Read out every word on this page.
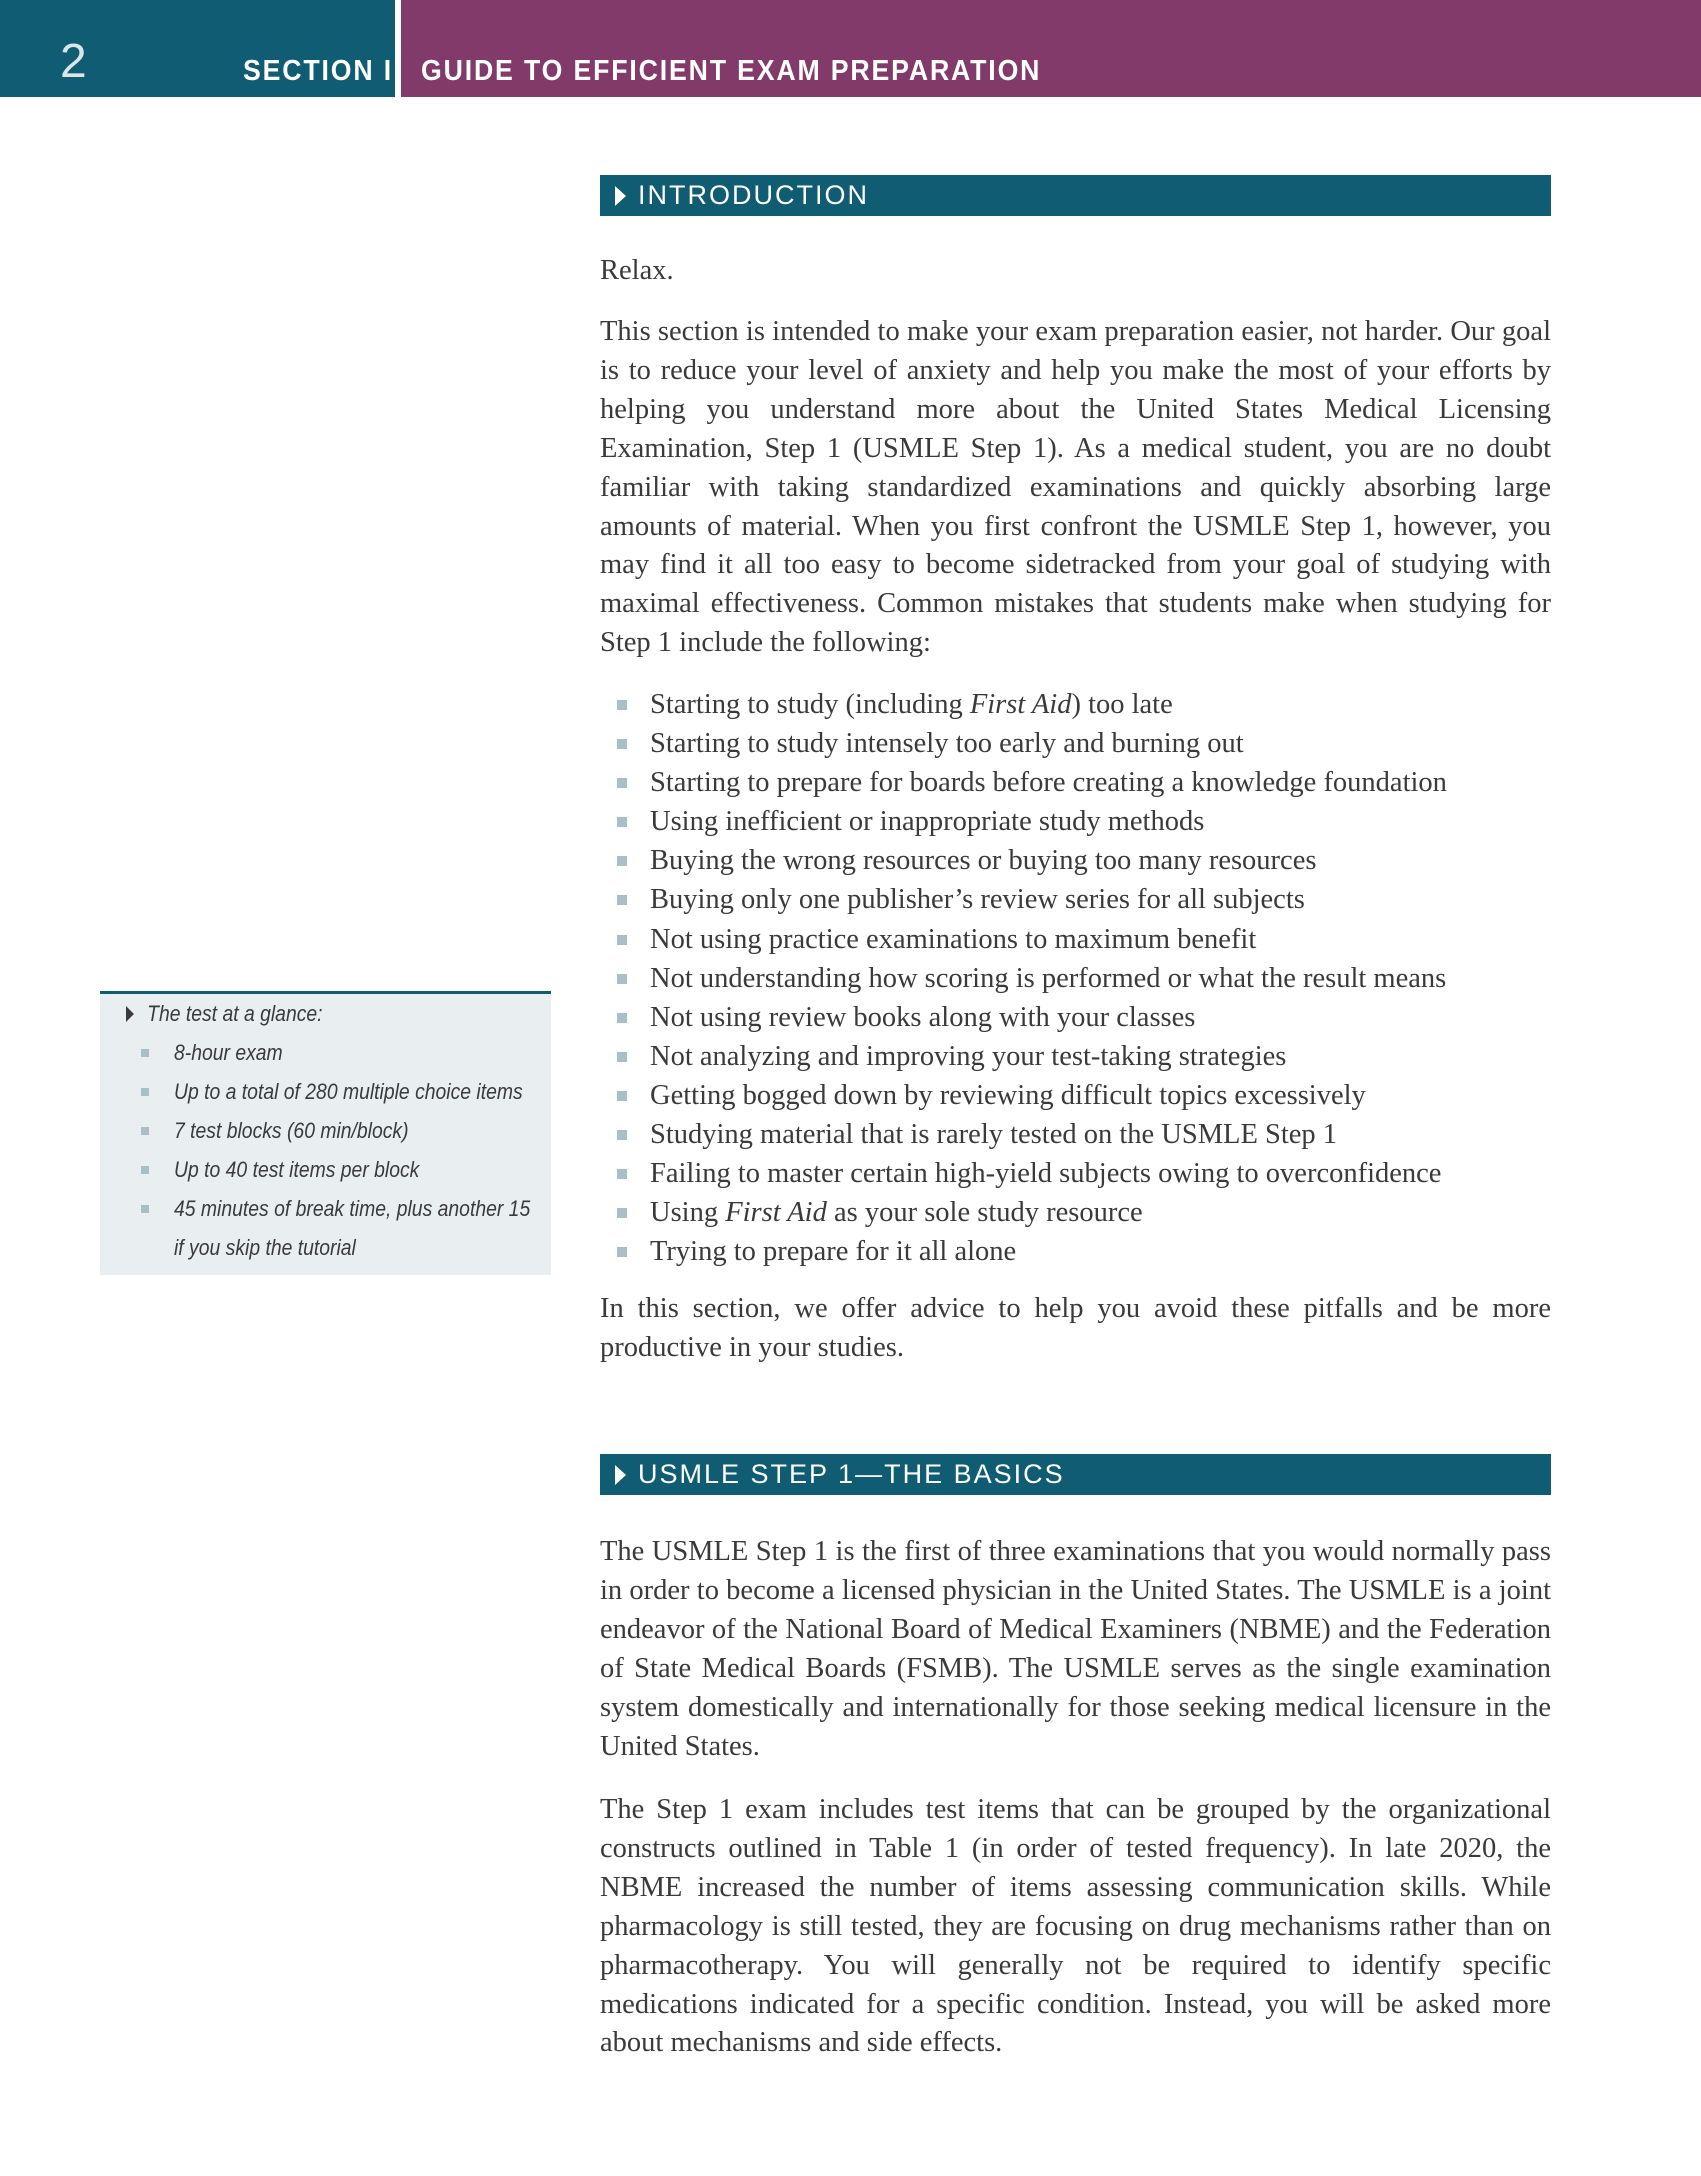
2	SECTION I GUIDE TO EFFICIENT EXAM PREPARATION
INTRODUCTION

Relax.

This section is intended to make your exam preparation easier, not harder. Our goal is to reduce your level of anxiety and help you make the most of your efforts by helping you understand more about the United States Medical Licensing Examination, Step 1 (USMLE Step 1). As a medical student, you are no doubt familiar with taking standardized examinations and quickly absorbing large amounts of material. When you first confront the USMLE Step 1, however, you may find it all too easy to become sidetracked from your goal of studying with maximal effectiveness. Common mistakes that students make when studying for Step 1 include the following:

Starting to study (including First Aid) too late
Starting to study intensely too early and burning out
Starting to prepare for boards before creating a knowledge foundation
Using inefficient or inappropriate study methods
Buying the wrong resources or buying too many resources
Buying only one publisher’s review series for all subjects
Not using practice examinations to maximum benefit
Not understanding how scoring is performed or what the result means
Not using review books along with your classes
Not analyzing and improving your test-taking strategies
Getting bogged down by reviewing difficult topics excessively
Studying material that is rarely tested on the USMLE Step 1
Failing to master certain high-yield subjects owing to overconfidence
Using First Aid as your sole study resource
Trying to prepare for it all alone

In this section, we offer advice to help you avoid these pitfalls and be more productive in your studies.

The test at a glance:
8-hour exam
Up to a total of 280 multiple choice items
7 test blocks (60 min/block)
Up to 40 test items per block
45 minutes of break time, plus another 15
if you skip the tutorial
USMLE STEP 1—THE BASICS

The USMLE Step 1 is the first of three examinations that you would normally pass in order to become a licensed physician in the United States. The USMLE is a joint endeavor of the National Board of Medical Examiners (NBME) and the Federation of State Medical Boards (FSMB). The USMLE serves as the single examination system domestically and internationally for those seeking medical licensure in the United States.

The Step 1 exam includes test items that can be grouped by the organizational constructs outlined in Table 1 (in order of tested frequency). In late 2020, the NBME increased the number of items assessing communication skills. While pharmacology is still tested, they are focusing on drug mechanisms rather than on pharmacotherapy. You will generally not be required to identify specific medications indicated for a specific condition. Instead, you will be asked more about mechanisms and side effects.
